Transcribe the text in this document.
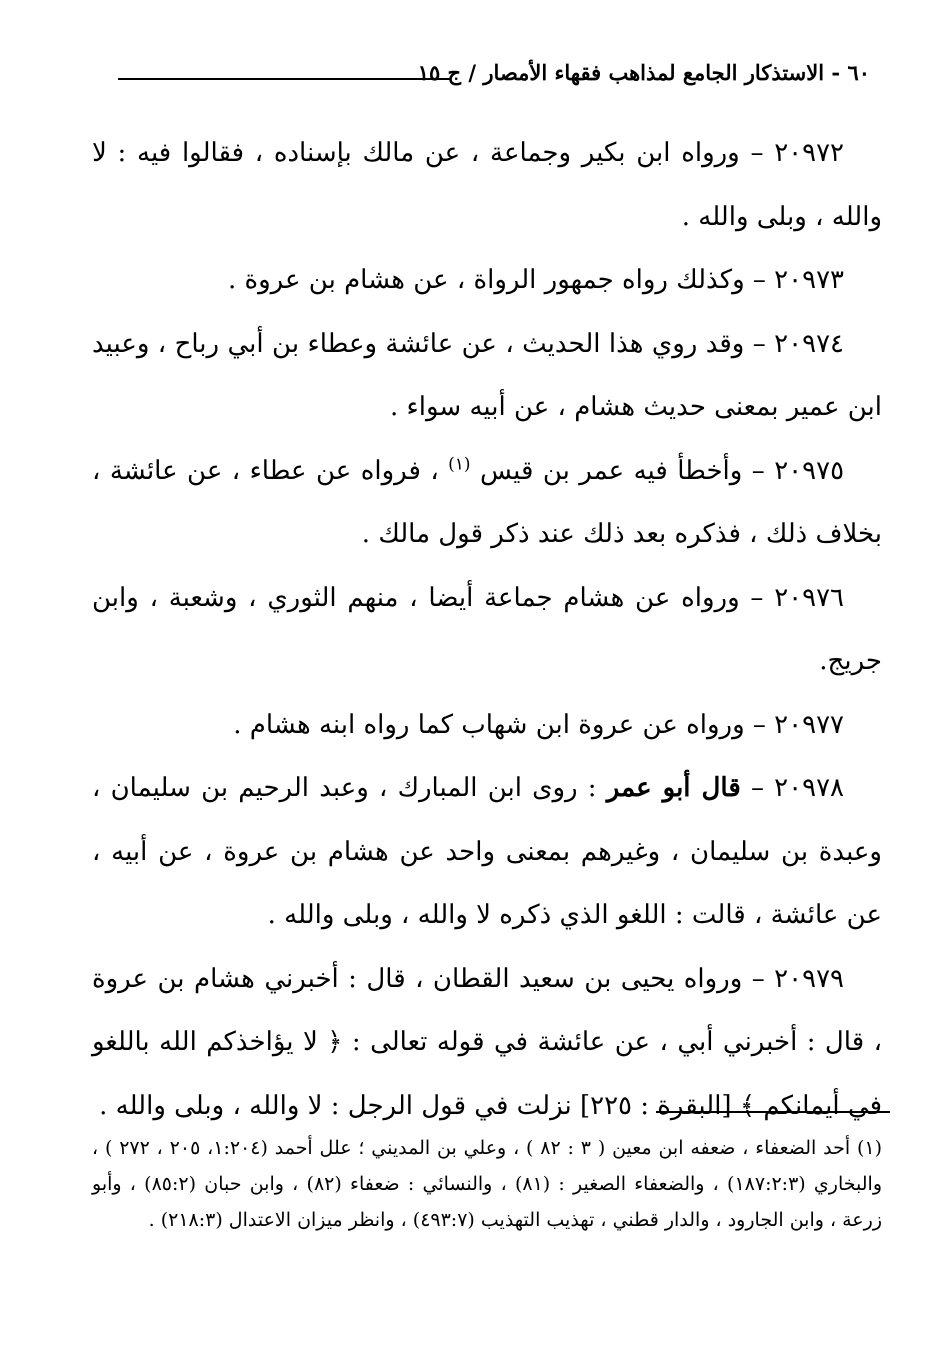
٦٠ - الاستذكار الجامع لمذاهب فقهاء الأمصار / ج ١٥

٢٠٩٧٢ – ورواه ابن بكير وجماعة ، عن مالك بإسناده ، فقالوا فيه : لا والله ، وبلى والله .

٢٠٩٧٣ – وكذلك رواه جمهور الرواة ، عن هشام بن عروة .

٢٠٩٧٤ – وقد روي هذا الحديث ، عن عائشة وعطاء بن أبي رباح ، وعبيد ابن عمير بمعنى حديث هشام ، عن أبيه سواء .

٢٠٩٧٥ – وأخطأ فيه عمر بن قيس $^{(١)}$ ، فرواه عن عطاء ، عن عائشة ، بخلاف ذلك ، فذكره بعد ذلك عند ذكر قول مالك .

٢٠٩٧٦ – ورواه عن هشام جماعة أيضا ، منهم الثوري ، وشعبة ، وابن جريج.

٢٠٩٧٧ – ورواه عن عروة ابن شهاب كما رواه ابنه هشام .

٢٠٩٧٨ – قال أبو عمر : روى ابن المبارك ، وعبد الرحيم بن سليمان ، وعبدة بن سليمان ، وغيرهم بمعنى واحد عن هشام بن عروة ، عن أبيه ، عن عائشة ، قالت : اللغو الذي ذكره لا والله ، وبلى والله .

٢٠٩٧٩ – ورواه يحيى بن سعيد القطان ، قال : أخبرني هشام بن عروة ، قال : أخبرني أبي ، عن عائشة في قوله تعالى : ﴿ لا يؤاخذكم الله باللغو في أيمانكم ﴾ [البقرة : ٢٢٥] نزلت في قول الرجل : لا والله ، وبلى والله .

(١) أحد الضعفاء ، ضعفه ابن معين ( ٣ : ٨٢ ) ، وعلي بن المديني ؛ علل أحمد (١:٢٠٤، ٢٠٥ ، ٢٧٢ ) ، والبخاري (١٨٧:٢:٣) ، والضعفاء الصغير : (٨١) ، والنسائي : ضعفاء (٨٢) ، وابن حبان (٨٥:٢) ، وأبو زرعة ، وابن الجارود ، والدار قطني ، تهذيب التهذيب (٤٩٣:٧) ، وانظر ميزان الاعتدال (٢١٨:٣) .
